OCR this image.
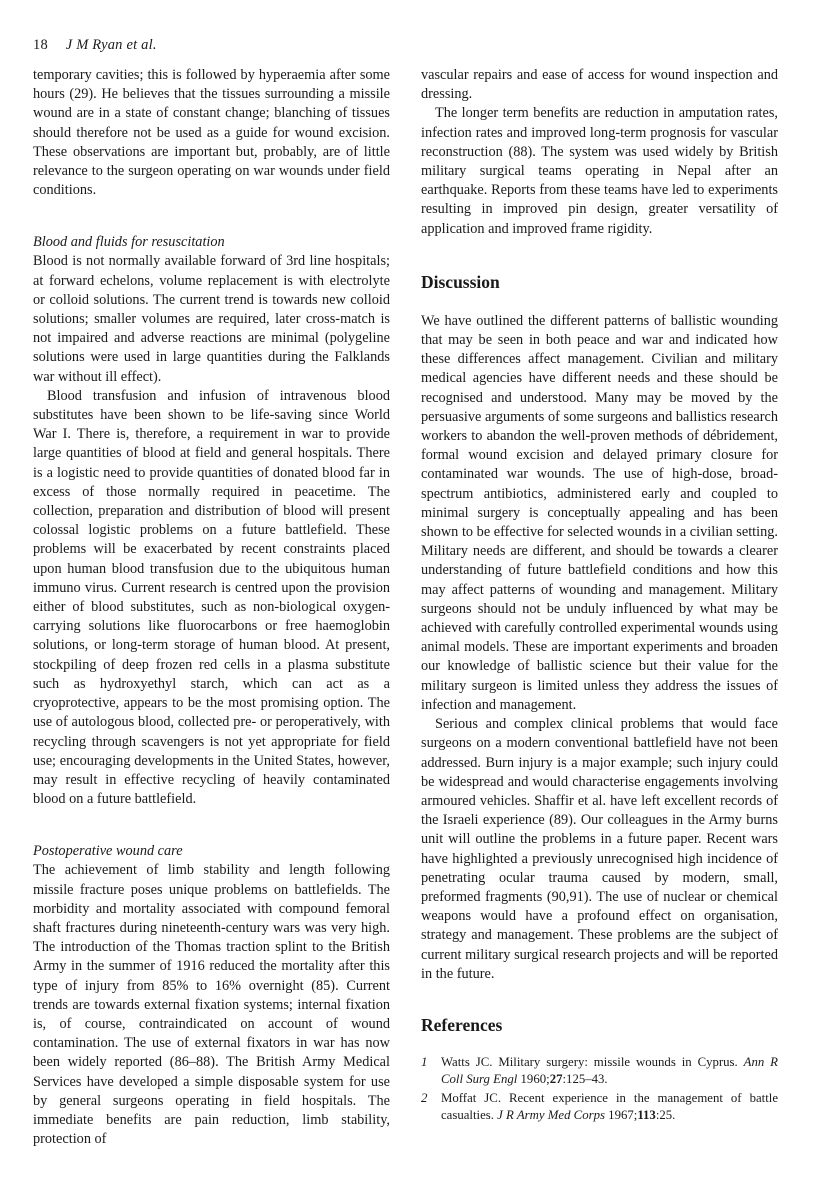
18 J M Ryan et al.

temporary cavities; this is followed by hyperaemia after some hours (29). He believes that the tissues surrounding a missile wound are in a state of constant change; blanching of tissues should therefore not be used as a guide for wound excision. These observations are important but, probably, are of little relevance to the surgeon operating on war wounds under field conditions.

Blood and fluids for resuscitation

Blood is not normally available forward of 3rd line hospitals; at forward echelons, volume replacement is with electrolyte or colloid solutions. The current trend is towards new colloid solutions; smaller volumes are required, later cross-match is not impaired and adverse reactions are minimal (polygeline solutions were used in large quantities during the Falklands war without ill effect).

Blood transfusion and infusion of intravenous blood substitutes have been shown to be life-saving since World War I. There is, therefore, a requirement in war to provide large quantities of blood at field and general hospitals. There is a logistic need to provide quantities of donated blood far in excess of those normally required in peacetime. The collection, preparation and distribution of blood will present colossal logistic problems on a future battlefield. These problems will be exacerbated by recent constraints placed upon human blood transfusion due to the ubiquitous human immuno virus. Current research is centred upon the provision either of blood substitutes, such as non-biological oxygen-carrying solutions like fluorocarbons or free haemoglobin solutions, or long-term storage of human blood. At present, stockpiling of deep frozen red cells in a plasma substitute such as hydroxyethyl starch, which can act as a cryoprotective, appears to be the most promising option. The use of autologous blood, collected pre- or peroperatively, with recycling through scavengers is not yet appropriate for field use; encouraging developments in the United States, however, may result in effective recycling of heavily contaminated blood on a future battlefield.

Postoperative wound care

The achievement of limb stability and length following missile fracture poses unique problems on battlefields. The morbidity and mortality associated with compound femoral shaft fractures during nineteenth-century wars was very high. The introduction of the Thomas traction splint to the British Army in the summer of 1916 reduced the mortality after this type of injury from 85% to 16% overnight (85). Current trends are towards external fixation systems; internal fixation is, of course, contraindicated on account of wound contamination. The use of external fixators in war has now been widely reported (86–88). The British Army Medical Services have developed a simple disposable system for use by general surgeons operating in field hospitals. The immediate benefits are pain reduction, limb stability, protection of

vascular repairs and ease of access for wound inspection and dressing.

The longer term benefits are reduction in amputation rates, infection rates and improved long-term prognosis for vascular reconstruction (88). The system was used widely by British military surgical teams operating in Nepal after an earthquake. Reports from these teams have led to experiments resulting in improved pin design, greater versatility of application and improved frame rigidity.

Discussion

We have outlined the different patterns of ballistic wounding that may be seen in both peace and war and indicated how these differences affect management. Civilian and military medical agencies have different needs and these should be recognised and understood. Many may be moved by the persuasive arguments of some surgeons and ballistics research workers to abandon the well-proven methods of débridement, formal wound excision and delayed primary closure for contaminated war wounds. The use of high-dose, broad-spectrum antibiotics, administered early and coupled to minimal surgery is conceptually appealing and has been shown to be effective for selected wounds in a civilian setting. Military needs are different, and should be towards a clearer understanding of future battlefield conditions and how this may affect patterns of wounding and management. Military surgeons should not be unduly influenced by what may be achieved with carefully controlled experimental wounds using animal models. These are important experiments and broaden our knowledge of ballistic science but their value for the military surgeon is limited unless they address the issues of infection and management.

Serious and complex clinical problems that would face surgeons on a modern conventional battlefield have not been addressed. Burn injury is a major example; such injury could be widespread and would characterise engagements involving armoured vehicles. Shaffir et al. have left excellent records of the Israeli experience (89). Our colleagues in the Army burns unit will outline the problems in a future paper. Recent wars have highlighted a previously unrecognised high incidence of penetrating ocular trauma caused by modern, small, preformed fragments (90,91). The use of nuclear or chemical weapons would have a profound effect on organisation, strategy and management. These problems are the subject of current military surgical research projects and will be reported in the future.

References
1 Watts JC. Military surgery: missile wounds in Cyprus. Ann R Coll Surg Engl 1960;27:125–43.
2 Moffat JC. Recent experience in the management of battle casualties. J R Army Med Corps 1967;113:25.
